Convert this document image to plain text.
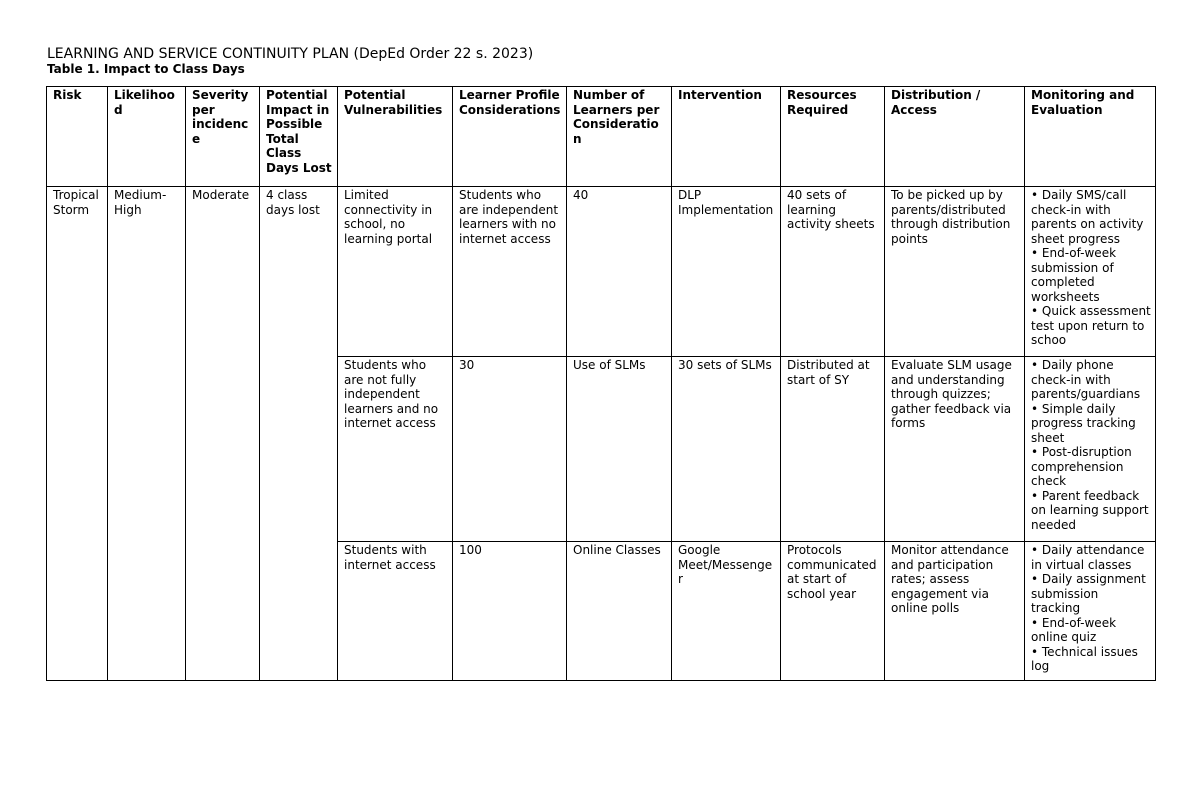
LEARNING AND SERVICE CONTINUITY PLAN (DepEd Order 22 s. 2023)
Table 1. Impact to Class Days
Risk	Likelihoo d	Severity per incidenc e	Potential Impact in Possible Total Class Days Lost	Potential Vulnerabilities	Learner Profile Considerations	Number of Learners per Consideratio n	Intervention	Resources Required	Distribution / Access	Monitoring and Evaluation
Tropical Storm	Medium-High	Moderate	4 class days lost	Limited connectivity in school, no learning portal	Students who are independent learners with no internet access	40	DLP Implementation	40 sets of learning activity sheets	To be picked up by parents/distributed through distribution points	• Daily SMS/call check-in with parents on activity sheet progress
• End-of-week submission of completed worksheets
• Quick assessment test upon return to schoo

				Students who are not fully independent learners and no internet access	30	Use of SLMs	30 sets of SLMs	Distributed at start of SY	Evaluate SLM usage and understanding through quizzes; gather feedback via forms	• Daily phone check-in with parents/guardians
• Simple daily progress tracking sheet
• Post-disruption comprehension check
• Parent feedback on learning support needed

				Students with internet access	100	Online Classes	Google Meet/Messenger	Protocols communicated at start of school year	Monitor attendance and participation rates; assess engagement via online polls	• Daily attendance in virtual classes
• Daily assignment submission tracking
• End-of-week online quiz
• Technical issues log
